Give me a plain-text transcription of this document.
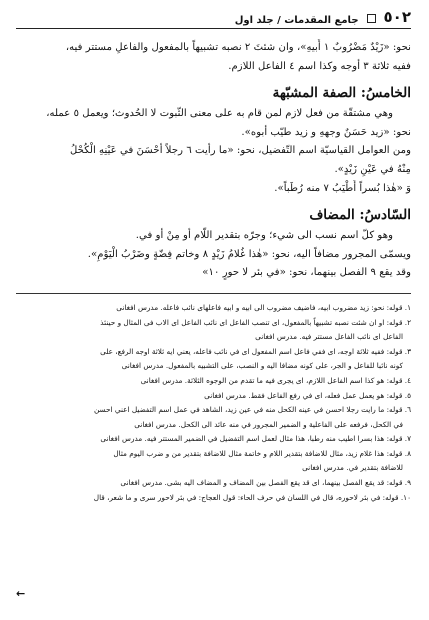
٥٠٢
جامع المقدمات / جلد اول

نحو: «زَيْدٌ مَضْرُوبٌ ١ أَبيهِ»، وان شئتَ ٢ نصبه تشبيهاً بالمفعول والفاعلِ مستتر فيه،

ففيه ثلاثة ٣ أوجه وكذا اسم ٤ الفاعل اللازم.

الخامسُ: الصفة المشبّهة

وهي مشتقّة من فعل لازم لمن قام به على معنى الثّبوت لا الحُدوث؛ ويعمل ٥ عمله،

نحو: «زيد حَسَنٌ وجههِ و زيد طيّب أبوه».

ومن العوامل القياسيّة اسم التّفضيل، نحو: «ما رأيت ٦ رجلاً أحْسَنَ في عَيْنِهِ الْكُحْلُ

مِنْهُ في عَيْنِ زَيْدٍ».

وَ «هٰذا بُسراً أَطْيَبُ ٧ منه رُطَباً».

السّادسُ: المضاف

وهو كلّ اسم نسب الى شيء؛ وجرّه بتقدير اللّام أو مِنْ أو في.

ويسمّى المجرور مضافاً اليه، نحو: «هٰذا غُلامُ زَيْدٍ ٨ وخاتم فِضّةٍ وضَرْبُ الْيَوْمِ».

وقد يقع ٩ الفصل بينهما، نحو: «في بئر لا حورٍ ١٠»

١. قوله: نحو: زيد مضروب ابيه، فاضيف مضروب الى ابيه و ابيه فاعلهای نائب فاعله. مدرس افغانی
٢. قوله: او ان شئت نصبه تشبيهاً بالمفعول، ای تنصب الفاعل ای نائب الفاعل ای الاب فی المثال و حینئذ
الفاعل ای نائب الفاعل مستتر فيه. مدرس افغانی
٣. قوله: ففيه ثلاثة اوجه، ای ففي فاعل اسم المفعول ای في نائب فاعله، يعني ايه ثلاثة اوجه الرفع، على
كونه نائبا للفاعل و الجر، على كونه مضافا اليه و النصب، على التشبيه بالمفعول. مدرس افغانی
٤. قوله: هو كذا اسم الفاعل اللازم، ای يجرى فيه ما تقدم من الوجوه الثلاثة. مدرس افغانی
٥. قوله: هو يعمل عمل فعله، ای في رفع الفاعل فقط. مدرس افغانی
٦. قوله: ما رايت رجلا احسن في عينه الكحل منه في عين زيد، الشاهد في عمل اسم التفضيل اعني احسن
في الكحل، فرفعه على الفاعلية و الضمير المجرور في منه عائد الى الكحل. مدرس افغانی
٧. قوله: هذا بسرا اطيب منه رطبا، هذا مثال لعمل اسم التفضيل في الضمير المستتر فيه. مدرس افغانی
٨. قوله: هذا غلام زيد، مثال للاضافة بتقدير اللام و خاتمة مثال للاضافة بتقدير من و ضرب اليوم مثال
للاضافة بتقدير في. مدرس افغانی
٩. قوله: قد يقع الفصل بينهما، ای قد يقع الفصل بين المضاف و المضاف اليه بشی. مدرس افغانی
١٠. قوله: في بئر لاحوره، قال في اللسان في حرف الحاء: قول العجاج: في بئر لاحور سرى و ما شعر، قال
←
